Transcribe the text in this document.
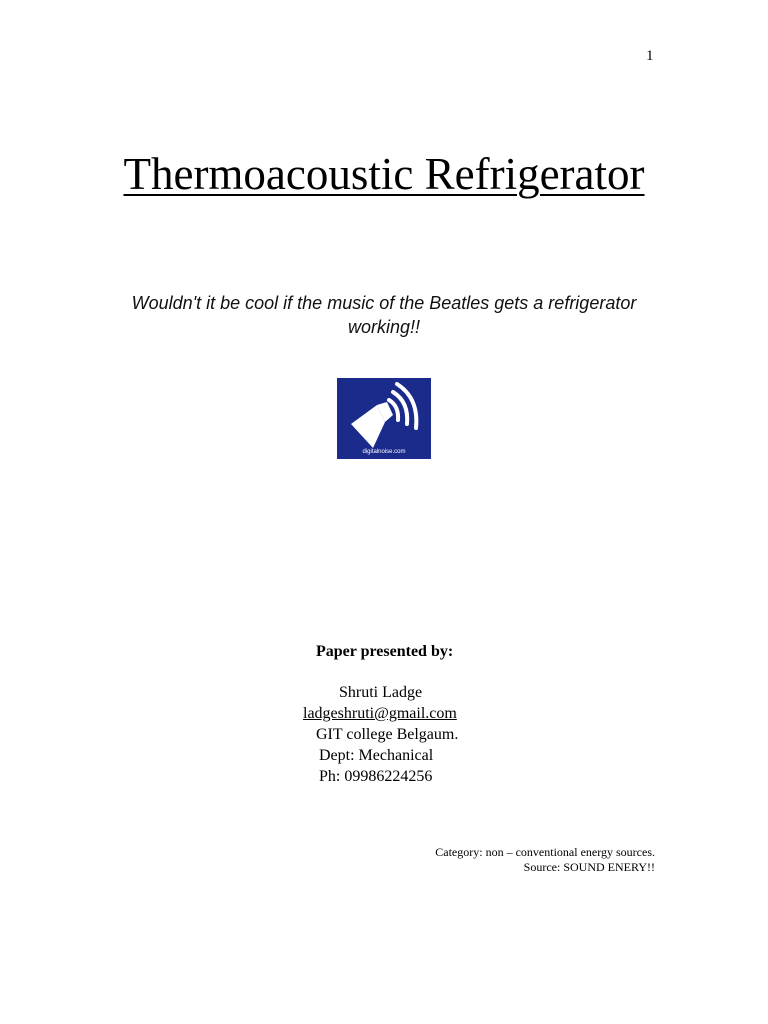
1
Thermoacoustic Refrigerator
Wouldn't it be cool if the music of the Beatles gets a refrigerator working!!
digitalnoise.com
Paper presented by:
Shruti Ladge
ladgeshruti@gmail.com
GIT college Belgaum.
Dept: Mechanical
Ph: 09986224256
Category: non – conventional energy sources.
Source: SOUND ENERY!!
